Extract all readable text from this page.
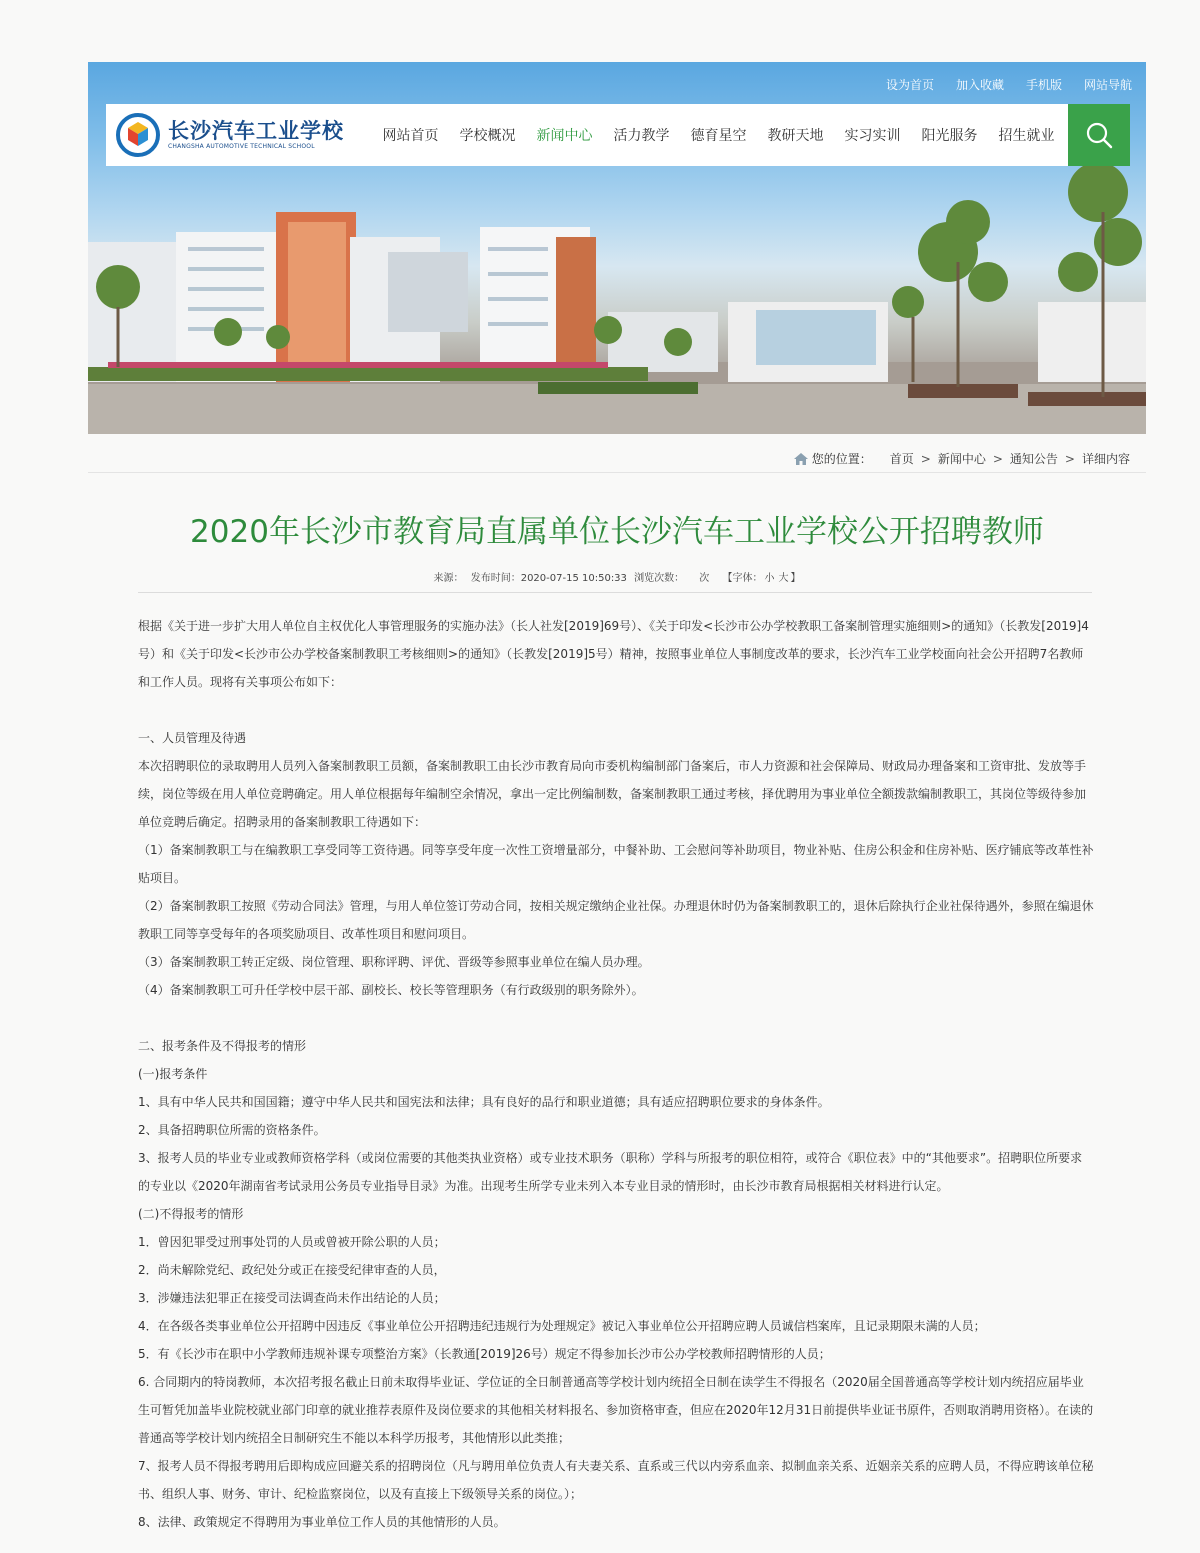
设为首页 加入收藏 手机版 网站导航
长沙汽车工业学校
CHANGSHA AUTOMOTIVE TECHNICAL SCHOOL
网站首页	学校概况	新闻中心	活力教学	德育星空	教研天地	实习实训	阳光服务	招生就业
您的位置： 首页 > 新闻中心 > 通知公告 > 详细内容
2020年长沙市教育局直属单位长沙汽车工业学校公开招聘教师
来源： 发布时间：2020-07-15 10:50:33 浏览次数： 次 【字体： 小 大 】

根据《关于进一步扩大用人单位自主权优化人事管理服务的实施办法》（长人社发[2019]69号）、《关于印发<长沙市公办学校教职工备案制管理实施细则>的通知》（长教发[2019]4号）和《关于印发<长沙市公办学校备案制教职工考核细则>的通知》（长教发[2019]5号）精神，按照事业单位人事制度改革的要求，长沙汽车工业学校面向社会公开招聘7名教师和工作人员。现将有关事项公布如下：

一、人员管理及待遇

本次招聘职位的录取聘用人员列入备案制教职工员额，备案制教职工由长沙市教育局向市委机构编制部门备案后，市人力资源和社会保障局、财政局办理备案和工资审批、发放等手续，岗位等级在用人单位竞聘确定。用人单位根据每年编制空余情况，拿出一定比例编制数，备案制教职工通过考核，择优聘用为事业单位全额拨款编制教职工，其岗位等级待参加单位竞聘后确定。招聘录用的备案制教职工待遇如下：

（1）备案制教职工与在编教职工享受同等工资待遇。同等享受年度一次性工资增量部分，中餐补助、工会慰问等补助项目，物业补贴、住房公积金和住房补贴、医疗铺底等改革性补贴项目。

（2）备案制教职工按照《劳动合同法》管理，与用人单位签订劳动合同，按相关规定缴纳企业社保。办理退休时仍为备案制教职工的，退休后除执行企业社保待遇外，参照在编退休教职工同等享受每年的各项奖励项目、改革性项目和慰问项目。

（3）备案制教职工转正定级、岗位管理、职称评聘、评优、晋级等参照事业单位在编人员办理。

（4）备案制教职工可升任学校中层干部、副校长、校长等管理职务（有行政级别的职务除外）。

二、报考条件及不得报考的情形

(一)报考条件

1、具有中华人民共和国国籍；遵守中华人民共和国宪法和法律；具有良好的品行和职业道德；具有适应招聘职位要求的身体条件。

2、具备招聘职位所需的资格条件。

3、报考人员的毕业专业或教师资格学科（或岗位需要的其他类执业资格）或专业技术职务（职称）学科与所报考的职位相符，或符合《职位表》中的“其他要求”。招聘职位所要求的专业以《2020年湖南省考试录用公务员专业指导目录》为准。出现考生所学专业未列入本专业目录的情形时，由长沙市教育局根据相关材料进行认定。

(二)不得报考的情形

1．曾因犯罪受过刑事处罚的人员或曾被开除公职的人员；

2．尚未解除党纪、政纪处分或正在接受纪律审查的人员，

3．涉嫌违法犯罪正在接受司法调查尚未作出结论的人员；

4．在各级各类事业单位公开招聘中因违反《事业单位公开招聘违纪违规行为处理规定》被记入事业单位公开招聘应聘人员诚信档案库，且记录期限未满的人员；

5．有《长沙市在职中小学教师违规补课专项整治方案》（长教通[2019]26号）规定不得参加长沙市公办学校教师招聘情形的人员；

6. 合同期内的特岗教师，本次招考报名截止日前未取得毕业证、学位证的全日制普通高等学校计划内统招全日制在读学生不得报名（2020届全国普通高等学校计划内统招应届毕业生可暂凭加盖毕业院校就业部门印章的就业推荐表原件及岗位要求的其他相关材料报名、参加资格审查，但应在2020年12月31日前提供毕业证书原件，否则取消聘用资格）。在读的普通高等学校计划内统招全日制研究生不能以本科学历报考，其他情形以此类推；

7、报考人员不得报考聘用后即构成应回避关系的招聘岗位（凡与聘用单位负责人有夫妻关系、直系或三代以内旁系血亲、拟制血亲关系、近姻亲关系的应聘人员，不得应聘该单位秘书、组织人事、财务、审计、纪检监察岗位，以及有直接上下级领导关系的岗位。）；

8、法律、政策规定不得聘用为事业单位工作人员的其他情形的人员。
